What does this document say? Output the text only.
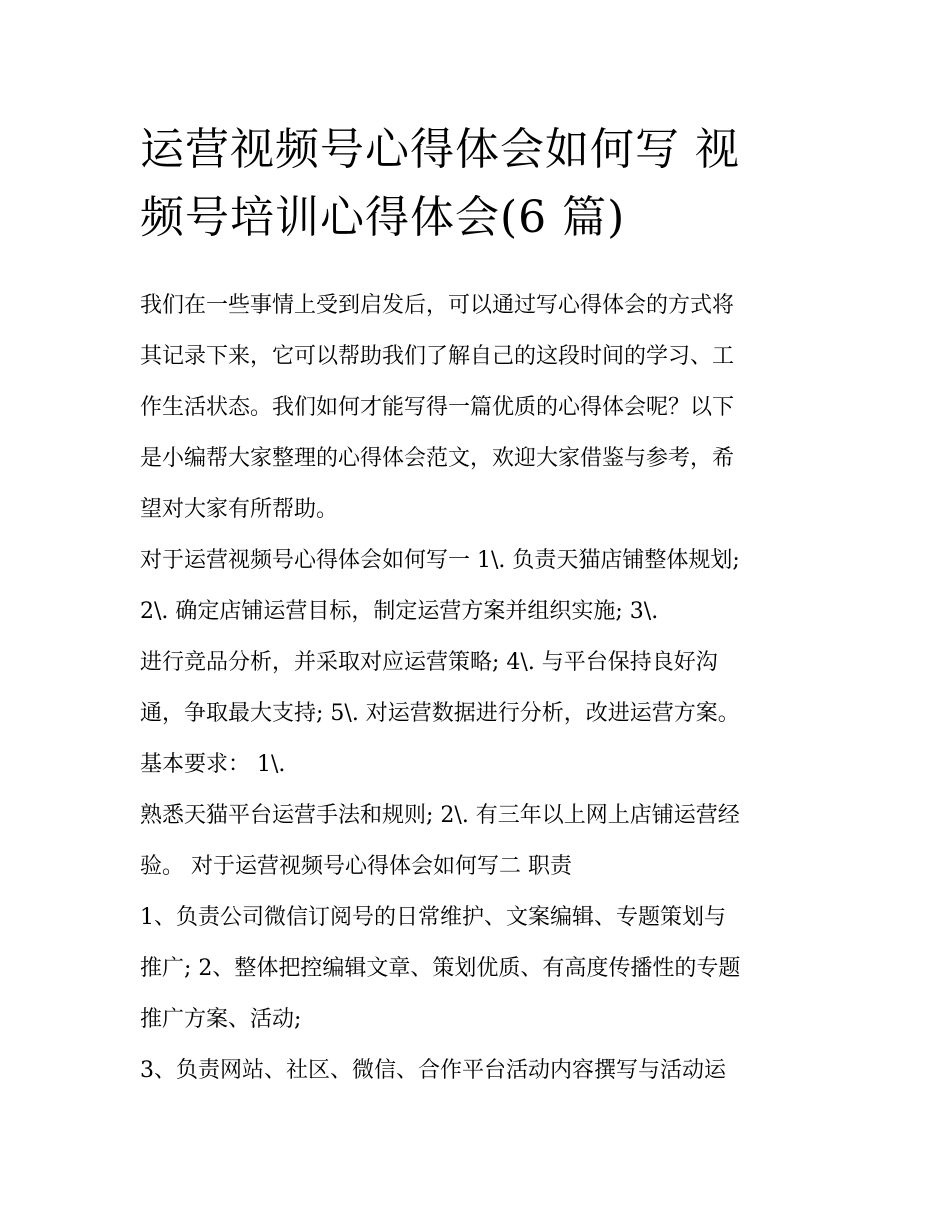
运营视频号心得体会如何写 视
频号培训心得体会(6 篇)
我们在一些事情上受到启发后，可以通过写心得体会的方式将
其记录下来，它可以帮助我们了解自己的这段时间的学习、工
作生活状态。我们如何才能写得一篇优质的心得体会呢？以下
是小编帮大家整理的心得体会范文，欢迎大家借鉴与参考，希
望对大家有所帮助。
对于运营视频号心得体会如何写一 1\. 负责天猫店铺整体规划;
2\. 确定店铺运营目标，制定运营方案并组织实施; 3\.
进行竞品分析，并采取对应运营策略; 4\. 与平台保持良好沟
通，争取最大支持; 5\. 对运营数据进行分析，改进运营方案。
基本要求： 1\.
熟悉天猫平台运营手法和规则; 2\. 有三年以上网上店铺运营经
验。 对于运营视频号心得体会如何写二 职责
1、负责公司微信订阅号的日常维护、文案编辑、专题策划与
推广; 2、整体把控编辑文章、策划优质、有高度传播性的专题
推广方案、活动;
3、负责网站、社区、微信、合作平台活动内容撰写与活动运
